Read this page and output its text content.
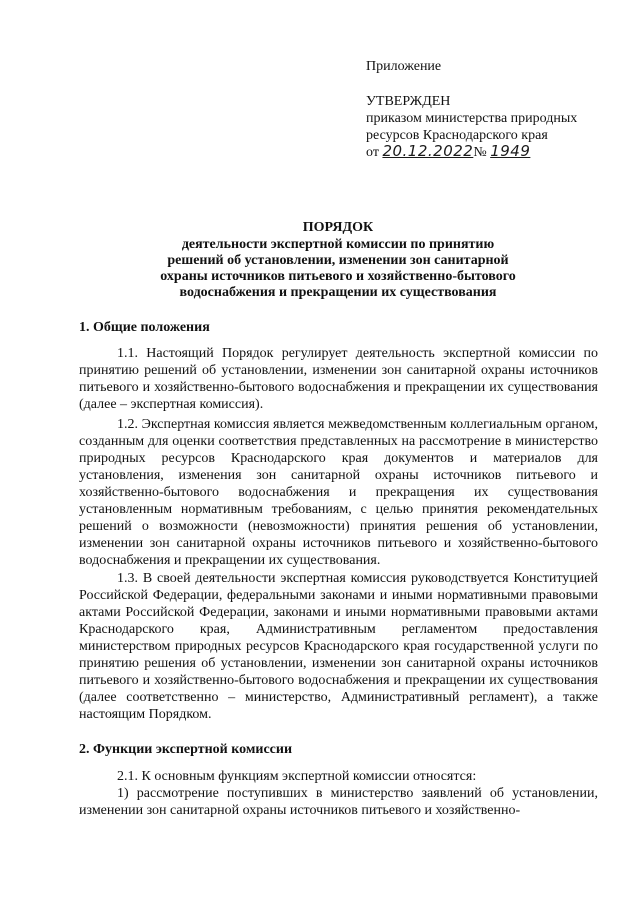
Приложение
УТВЕРЖДЕН
приказом министерства природных
ресурсов Краснодарского края
от 20.12.2022№ 1949
ПОРЯДОК
деятельности экспертной комиссии по принятию
решений об установлении, изменении зон санитарной
охраны источников питьевого и хозяйственно-бытового
водоснабжения и прекращении их существования
1. Общие положения
1.1. Настоящий Порядок регулирует деятельность экспертной комиссии по принятию решений об установлении, изменении зон санитарной охраны источников питьевого и хозяйственно-бытового водоснабжения и прекращении их существования (далее – экспертная комиссия).
1.2. Экспертная комиссия является межведомственным коллегиальным органом, созданным для оценки соответствия представленных на рассмотрение в министерство природных ресурсов Краснодарского края документов и материалов для установления, изменения зон санитарной охраны источников питьевого и хозяйственно-бытового водоснабжения и прекращения их существования установленным нормативным требованиям, с целью принятия рекомендательных решений о возможности (невозможности) принятия решения об установлении, изменении зон санитарной охраны источников питьевого и хозяйственно-бытового водоснабжения и прекращении их существования.
1.3. В своей деятельности экспертная комиссия руководствуется Конституцией Российской Федерации, федеральными законами и иными нормативными правовыми актами Российской Федерации, законами и иными нормативными правовыми актами Краснодарского края, Административным регламентом предоставления министерством природных ресурсов Краснодарского края государственной услуги по принятию решения об установлении, изменении зон санитарной охраны источников питьевого и хозяйственно-бытового водоснабжения и прекращении их существования (далее соответственно – министерство, Административный регламент), а также настоящим Порядком.
2. Функции экспертной комиссии
2.1. К основным функциям экспертной комиссии относятся:
1) рассмотрение поступивших в министерство заявлений об установлении, изменении зон санитарной охраны источников питьевого и хозяйственно-
